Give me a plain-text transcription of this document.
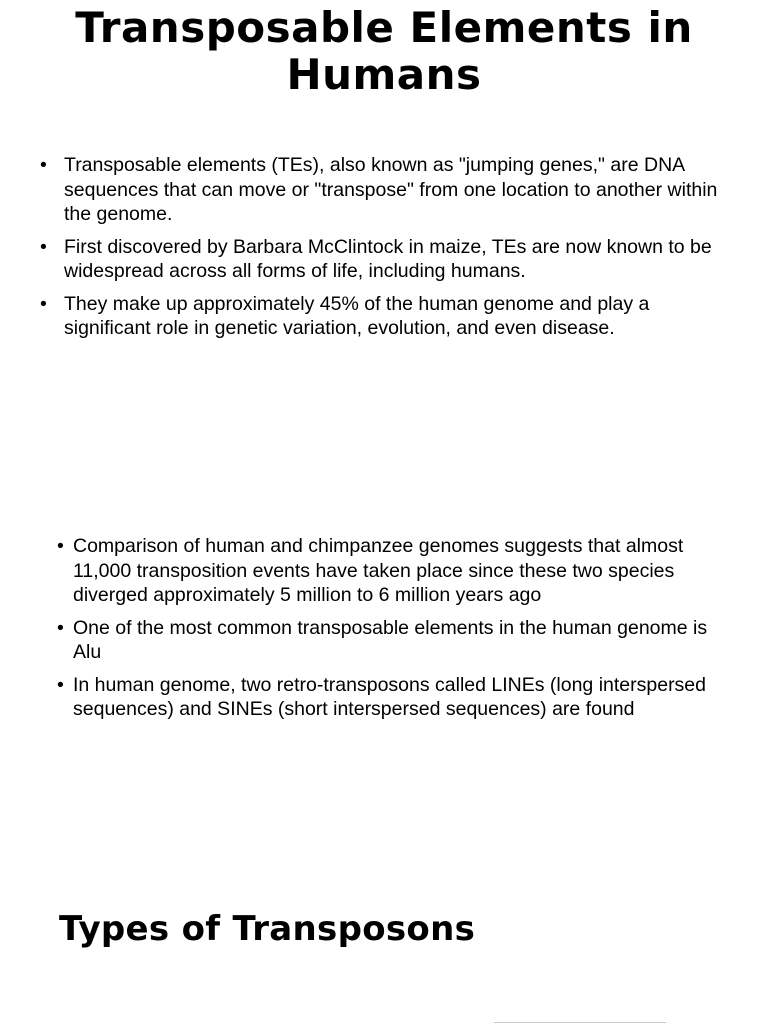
Transposable Elements in Humans
• Transposable elements (TEs), also known as "jumping genes," are DNA sequences that can move or "transpose" from one location to another within the genome.
• First discovered by Barbara McClintock in maize, TEs are now known to be widespread across all forms of life, including humans.
• They make up approximately 45% of the human genome and play a significant role in genetic variation, evolution, and even disease.
• Comparison of human and chimpanzee genomes suggests that almost 11,000 transposition events have taken place since these two species diverged approximately 5 million to 6 million years ago
• One of the most common transposable elements in the human genome is Alu
• In human genome, two retro-transposons called LINEs (long interspersed sequences) and SINEs (short interspersed sequences) are found
Types of Transposons
